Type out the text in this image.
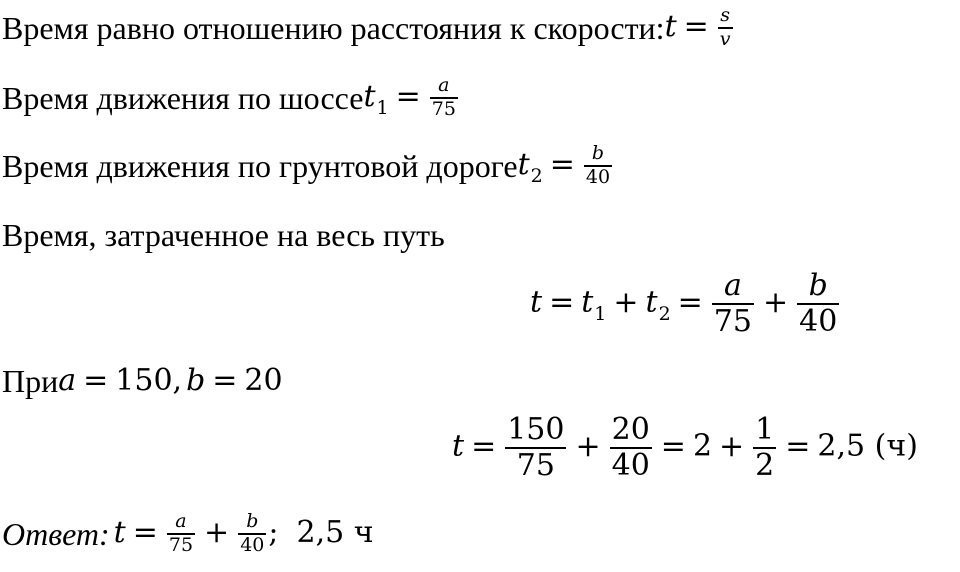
Время равно отношению расстояния к скорости: $t = \frac{s}{v}$
Время движения по шоссе $t_1 = \frac{a}{75}$
Время движения по грунтовой дороге $t_2 = \frac{b}{40}$
Время, затраченное на весь путь
$t = t_1 + t_2 = \frac{a}{75} + \frac{b}{40}$
При a = 150, b = 20
$t = \frac{150}{75} + \frac{20}{40} = 2 + \frac{1}{2} = 2,5$ (ч)
Ответ: $t = \frac{a}{75} + \frac{b}{40}$ ; 2,5 ч
